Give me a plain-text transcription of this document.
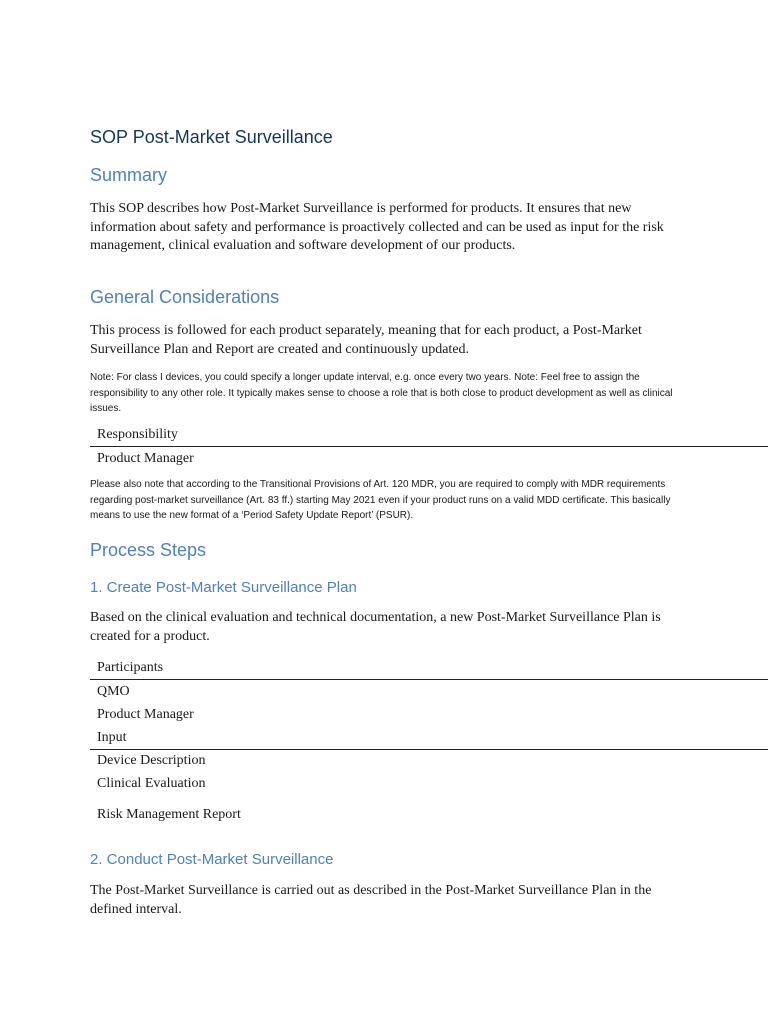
SOP Post-Market Surveillance
Summary

This SOP describes how Post-Market Surveillance is performed for products. It ensures that new information about safety and performance is proactively collected and can be used as input for the risk management, clinical evaluation and software development of our products.

General Considerations

This process is followed for each product separately, meaning that for each product, a Post-Market Surveillance Plan and Report are created and continuously updated.

Note: For class I devices, you could specify a longer update interval, e.g. once every two years. Note: Feel free to assign the responsibility to any other role. It typically makes sense to choose a role that is both close to product development as well as clinical issues.

Responsibility
Product Manager

Please also note that according to the Transitional Provisions of Art. 120 MDR, you are required to comply with MDR requirements regarding post-market surveillance (Art. 83 ff.) starting May 2021 even if your product runs on a valid MDD certificate. This basically means to use the new format of a ‘Period Safety Update Report’ (PSUR).

Process Steps
1. Create Post-Market Surveillance Plan

Based on the clinical evaluation and technical documentation, a new Post-Market Surveillance Plan is created for a product.

Participants
QMO
Product Manager
Input
Device Description
Clinical Evaluation
Risk Management Report
2. Conduct Post-Market Surveillance

The Post-Market Surveillance is carried out as described in the Post-Market Surveillance Plan in the defined interval.
